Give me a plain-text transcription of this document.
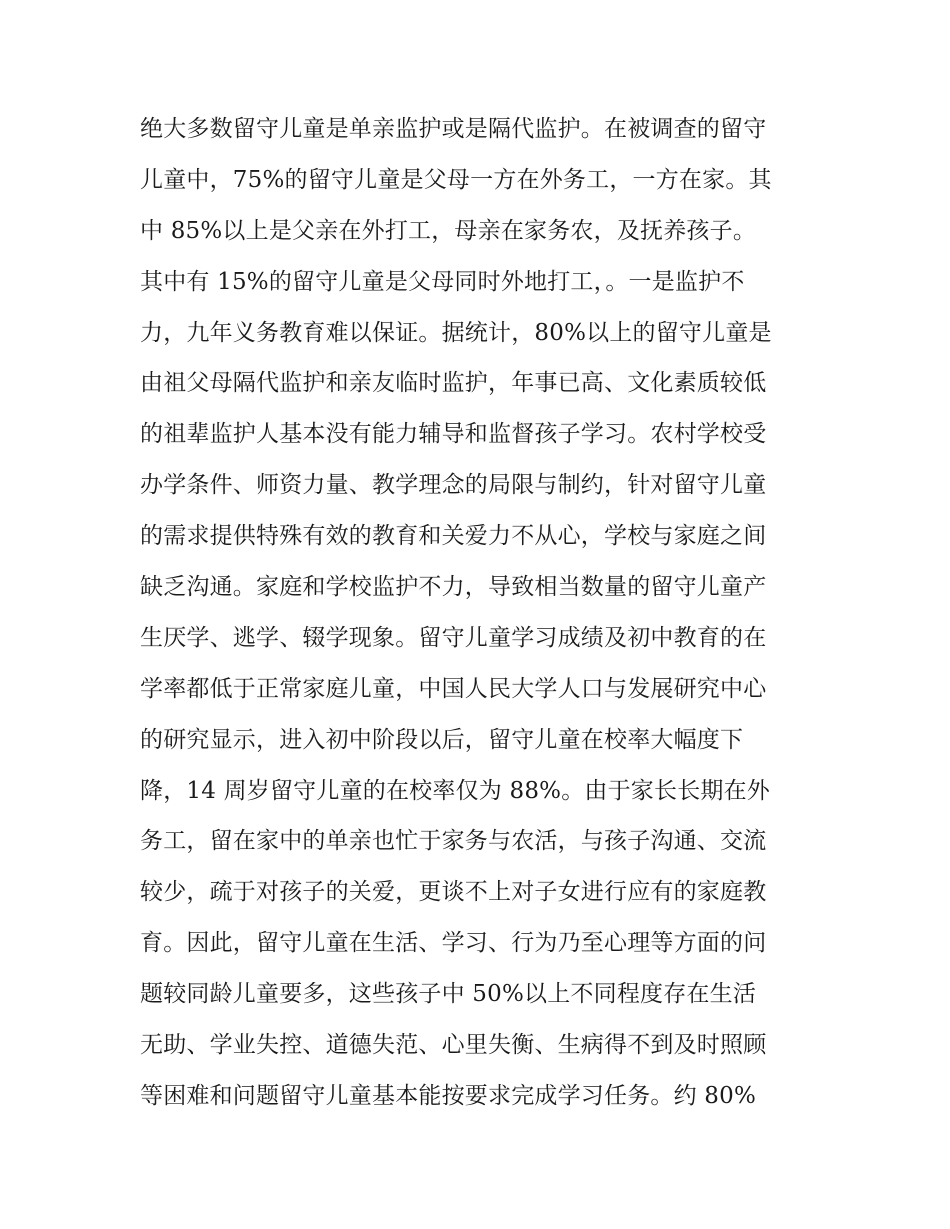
绝大多数留守儿童是单亲监护或是隔代监护。在被调查的留守
儿童中，75%的留守儿童是父母一方在外务工，一方在家。其
中 85%以上是父亲在外打工，母亲在家务农，及抚养孩子。
其中有 15%的留守儿童是父母同时外地打工，。一是监护不
力，九年义务教育难以保证。据统计，80%以上的留守儿童是
由祖父母隔代监护和亲友临时监护，年事已高、文化素质较低
的祖辈监护人基本没有能力辅导和监督孩子学习。农村学校受
办学条件、师资力量、教学理念的局限与制约，针对留守儿童
的需求提供特殊有效的教育和关爱力不从心，学校与家庭之间
缺乏沟通。家庭和学校监护不力，导致相当数量的留守儿童产
生厌学、逃学、辍学现象。留守儿童学习成绩及初中教育的在
学率都低于正常家庭儿童，中国人民大学人口与发展研究中心
的研究显示，进入初中阶段以后，留守儿童在校率大幅度下
降，14 周岁留守儿童的在校率仅为 88%。由于家长长期在外
务工，留在家中的单亲也忙于家务与农活，与孩子沟通、交流
较少，疏于对孩子的关爱，更谈不上对子女进行应有的家庭教
育。因此，留守儿童在生活、学习、行为乃至心理等方面的问
题较同龄儿童要多，这些孩子中 50%以上不同程度存在生活
无助、学业失控、道德失范、心里失衡、生病得不到及时照顾
等困难和问题留守儿童基本能按要求完成学习任务。约 80%
